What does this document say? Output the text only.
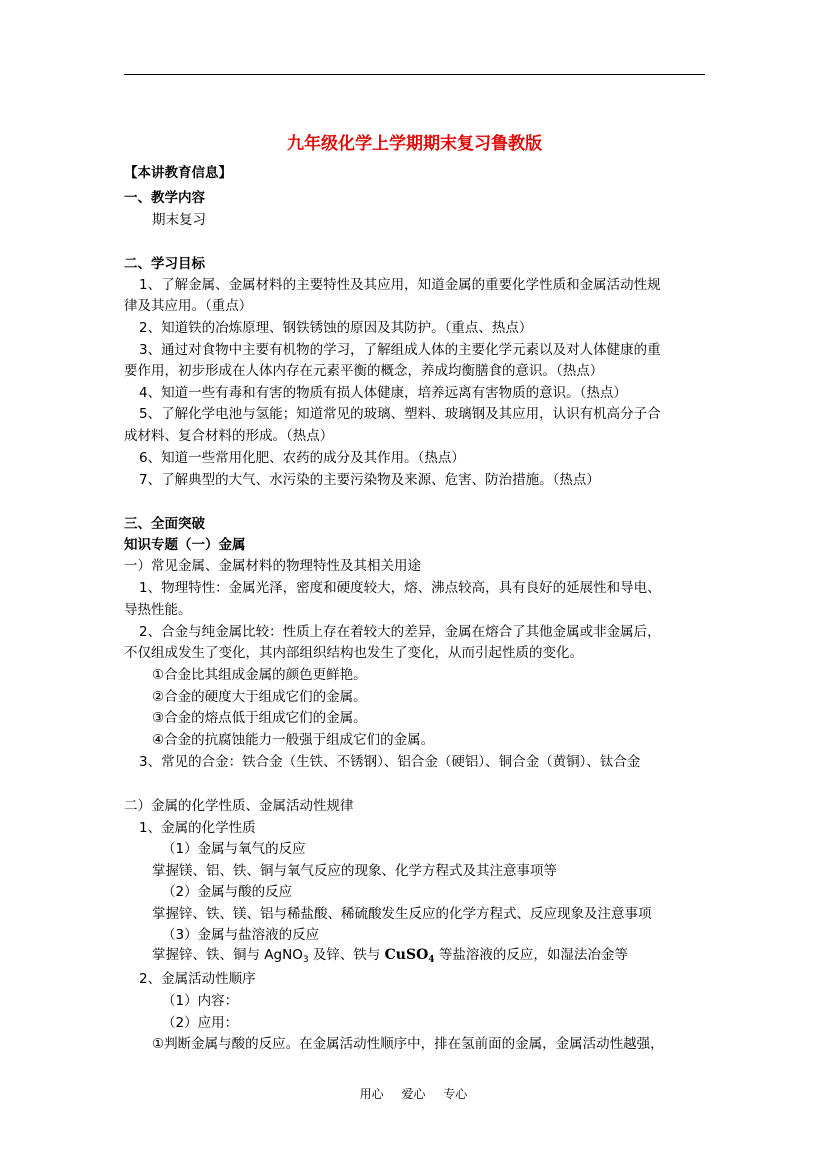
九年级化学上学期期末复习鲁教版
【本讲教育信息】
一、教学内容
期末复习
二、学习目标
1、了解金属、金属材料的主要特性及其应用，知道金属的重要化学性质和金属活动性规
律及其应用。（重点）
2、知道铁的冶炼原理、钢铁锈蚀的原因及其防护。（重点、热点）
3、通过对食物中主要有机物的学习，了解组成人体的主要化学元素以及对人体健康的重
要作用，初步形成在人体内存在元素平衡的概念，养成均衡膳食的意识。（热点）
4、知道一些有毒和有害的物质有损人体健康，培养远离有害物质的意识。（热点）
5、了解化学电池与氢能；知道常见的玻璃、塑料、玻璃钢及其应用，认识有机高分子合
成材料、复合材料的形成。（热点）
6、知道一些常用化肥、农药的成分及其作用。（热点）
7、了解典型的大气、水污染的主要污染物及来源、危害、防治措施。（热点）
三、全面突破
知识专题（一）金属
一）常见金属、金属材料的物理特性及其相关用途
1、物理特性：金属光泽，密度和硬度较大，熔、沸点较高，具有良好的延展性和导电、
导热性能。
2、合金与纯金属比较：性质上存在着较大的差异，金属在熔合了其他金属或非金属后，
不仅组成发生了变化，其内部组织结构也发生了变化，从而引起性质的变化。
①合金比其组成金属的颜色更鲜艳。
②合金的硬度大于组成它们的金属。
③合金的熔点低于组成它们的金属。
④合金的抗腐蚀能力一般强于组成它们的金属。
3、常见的合金：铁合金（生铁、不锈钢）、铝合金（硬铝）、铜合金（黄铜）、钛合金
二）金属的化学性质、金属活动性规律
1、金属的化学性质
（1）金属与氧气的反应
掌握镁、铝、铁、铜与氧气反应的现象、化学方程式及其注意事项等
（2）金属与酸的反应
掌握锌、铁、镁、铝与稀盐酸、稀硫酸发生反应的化学方程式、反应现象及注意事项
（3）金属与盐溶液的反应
掌握锌、铁、铜与 AgNO$_3$ 及锌、铁与 CuSO$_4$ 等盐溶液的反应，如湿法冶金等
2、金属活动性顺序
（1）内容：
（2）应用：
①判断金属与酸的反应。在金属活动性顺序中，排在氢前面的金属，金属活动性越强，
用心 爱心 专心
